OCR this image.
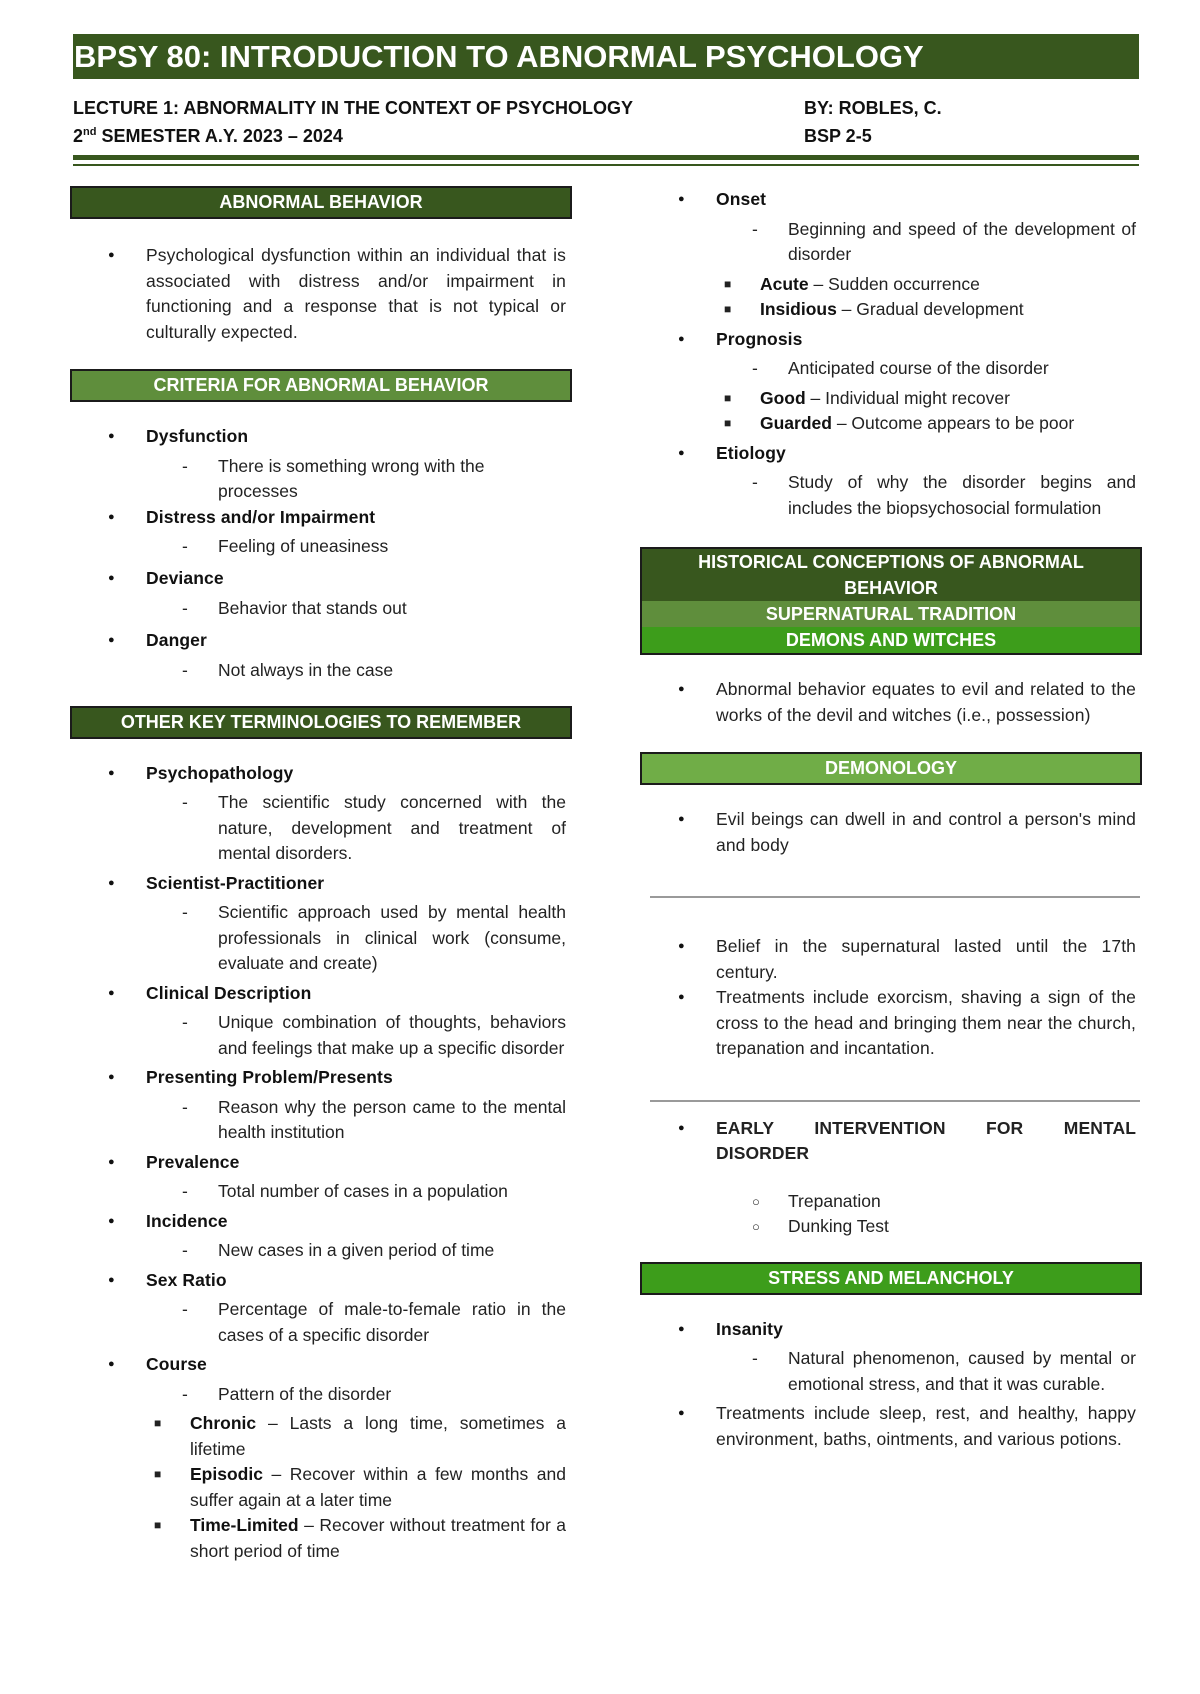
BPSY 80: INTRODUCTION TO ABNORMAL PSYCHOLOGY
LECTURE 1: ABNORMALITY IN THE CONTEXT OF PSYCHOLOGY
2nd SEMESTER A.Y. 2023 – 2024
BY: ROBLES, C.
BSP 2-5
ABNORMAL BEHAVIOR
● Psychological dysfunction within an individual that is associated with distress and/or impairment in functioning and a response that is not typical or culturally expected.
CRITERIA FOR ABNORMAL BEHAVIOR
● Dysfunction
- There is something wrong with the processes
● Distress and/or Impairment
- Feeling of uneasiness
● Deviance
- Behavior that stands out
● Danger
- Not always in the case
OTHER KEY TERMINOLOGIES TO REMEMBER
● Psychopathology
- The scientific study concerned with the nature, development and treatment of mental disorders.
● Scientist-Practitioner
- Scientific approach used by mental health professionals in clinical work (consume, evaluate and create)
● Clinical Description
- Unique combination of thoughts, behaviors and feelings that make up a specific disorder
● Presenting Problem/Presents
- Reason why the person came to the mental health institution
● Prevalence
- Total number of cases in a population
● Incidence
- New cases in a given period of time
● Sex Ratio
- Percentage of male-to-female ratio in the cases of a specific disorder
● Course
- Pattern of the disorder
■ Chronic – Lasts a long time, sometimes a lifetime
■ Episodic – Recover within a few months and suffer again at a later time
■ Time-Limited – Recover without treatment for a short period of time
● Onset
- Beginning and speed of the development of disorder
■ Acute – Sudden occurrence
■ Insidious – Gradual development
● Prognosis
- Anticipated course of the disorder
■ Good – Individual might recover
■ Guarded – Outcome appears to be poor
● Etiology
- Study of why the disorder begins and includes the biopsychosocial formulation
HISTORICAL CONCEPTIONS OF ABNORMAL
BEHAVIOR
SUPERNATURAL TRADITION
DEMONS AND WITCHES
● Abnormal behavior equates to evil and related to the works of the devil and witches (i.e., possession)
DEMONOLOGY
● Evil beings can dwell in and control a person's mind and body
● Belief in the supernatural lasted until the 17th century.
● Treatments include exorcism, shaving a sign of the cross to the head and bringing them near the church, trepanation and incantation.
● EARLY INTERVENTION FOR MENTAL DISORDER
○ Trepanation
○ Dunking Test
STRESS AND MELANCHOLY
● Insanity
- Natural phenomenon, caused by mental or emotional stress, and that it was curable.
● Treatments include sleep, rest, and healthy, happy environment, baths, ointments, and various potions.
